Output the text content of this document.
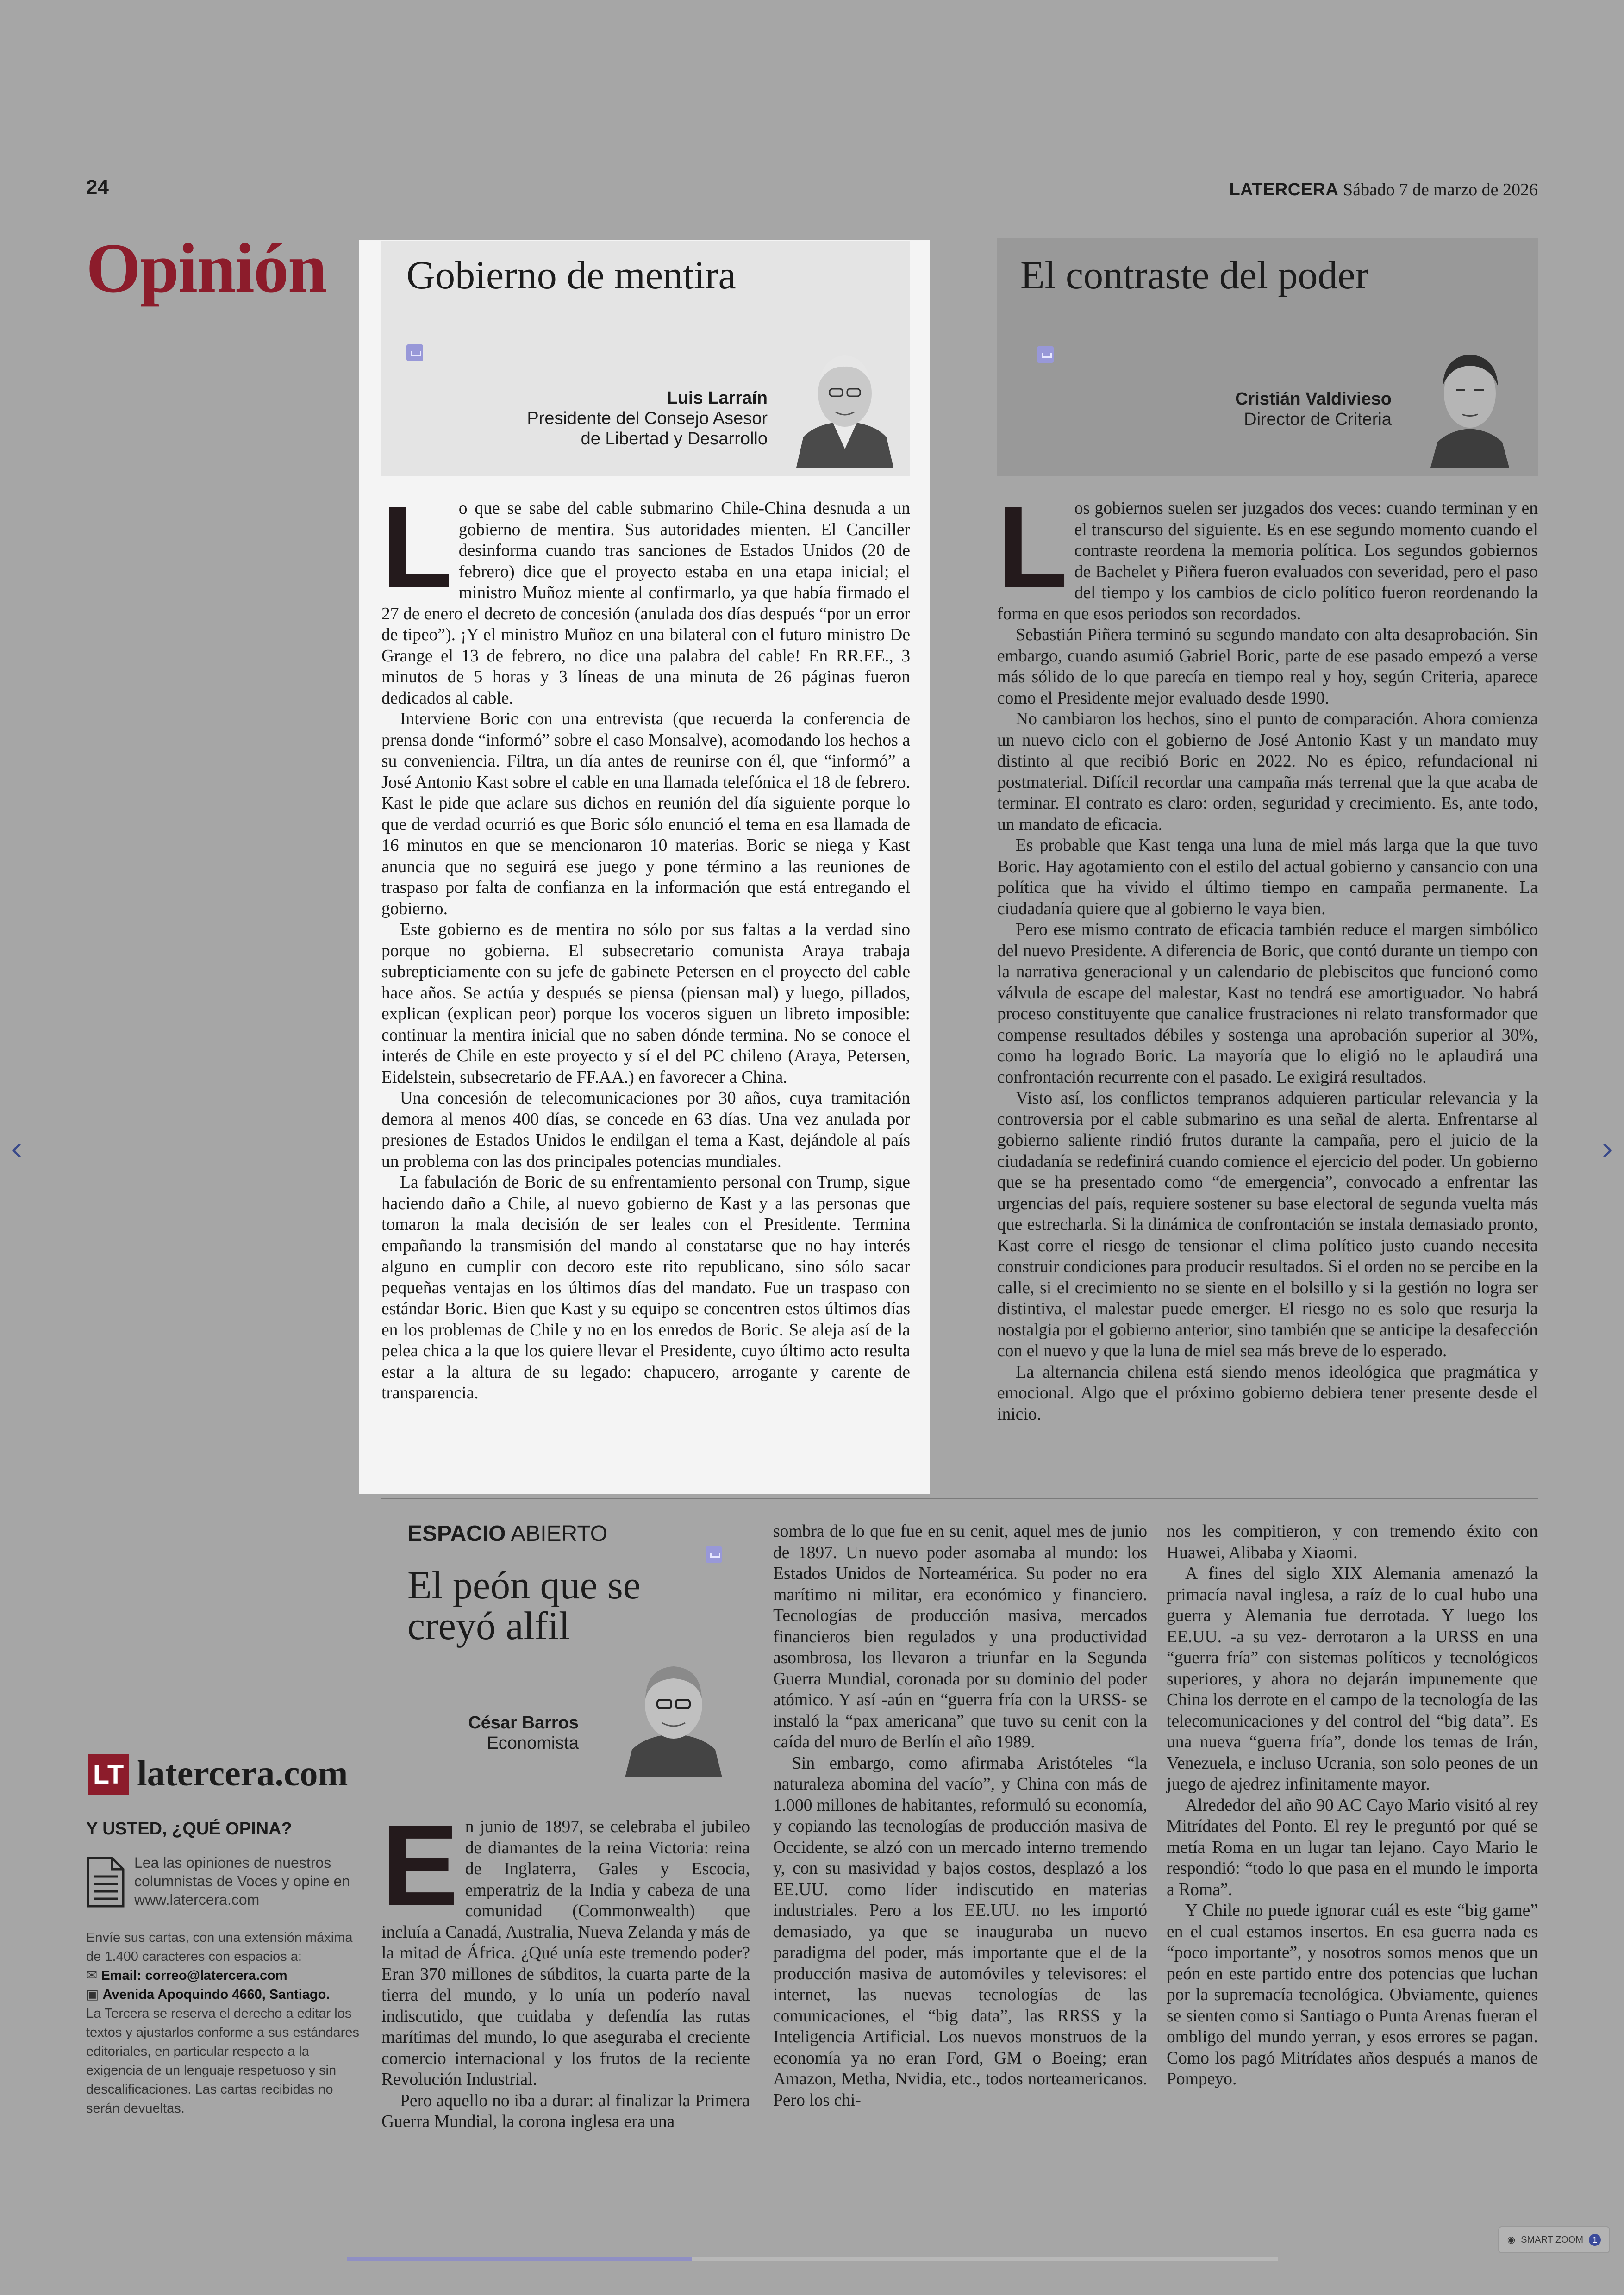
24	LATERCERA Sábado 7 de marzo de 2026
Opinión Gobierno de mentira
Luis Larraín
Presidente del Consejo Asesor
de Libertad y Desarrollo
L o que se sabe del cable submarino Chile-China desnuda a un gobierno de mentira. Sus autoridades mienten. El Canciller desinforma cuando tras sanciones de Estados Unidos (20 de febrero) dice que el proyecto estaba en una etapa inicial; el ministro Muñoz miente al confirmarlo, ya que había firmado el 27 de enero el decreto de concesión (anulada dos días después “por un error de tipeo”). ¡Y el ministro Muñoz en una bilateral con el futuro ministro De Grange el 13 de febrero, no dice una palabra del cable! En RR.EE., 3 minutos de 5 horas y 3 líneas de una minuta de 26 páginas fueron dedicados al cable.

Interviene Boric con una entrevista (que recuerda la conferencia de prensa donde “informó” sobre el caso Monsalve), acomodando los hechos a su conveniencia. Filtra, un día antes de reunirse con él, que “informó” a José Antonio Kast sobre el cable en una llamada telefónica el 18 de febrero. Kast le pide que aclare sus dichos en reunión del día siguiente porque lo que de verdad ocurrió es que Boric sólo enunció el tema en esa llamada de 16 minutos en que se mencionaron 10 materias. Boric se niega y Kast anuncia que no seguirá ese juego y pone término a las reuniones de traspaso por falta de confianza en la información que está entregando el gobierno.

Este gobierno es de mentira no sólo por sus faltas a la verdad sino porque no gobierna. El subsecretario comunista Araya trabaja subrepticiamente con su jefe de gabinete Petersen en el proyecto del cable hace años. Se actúa y después se piensa (piensan mal) y luego, pillados, explican (explican peor) porque los voceros siguen un libreto imposible: continuar la mentira inicial que no saben dónde termina. No se conoce el interés de Chile en este proyecto y sí el del PC chileno (Araya, Petersen, Eidelstein, subsecretario de FF.AA.) en favorecer a China.

Una concesión de telecomunicaciones por 30 años, cuya tramitación demora al menos 400 días, se concede en 63 días. Una vez anulada por presiones de Estados Unidos le endilgan el tema a Kast, dejándole al país un problema con las dos principales potencias mundiales.

La fabulación de Boric de su enfrentamiento personal con Trump, sigue haciendo daño a Chile, al nuevo gobierno de Kast y a las personas que tomaron la mala decisión de ser leales con el Presidente. Termina empañando la transmisión del mando al constatarse que no hay interés alguno en cumplir con decoro este rito republicano, sino sólo sacar pequeñas ventajas en los últimos días del mandato. Fue un traspaso con estándar Boric. Bien que Kast y su equipo se concentren estos últimos días en los problemas de Chile y no en los enredos de Boric. Se aleja así de la pelea chica a la que los quiere llevar el Presidente, cuyo último acto resulta estar a la altura de su legado: chapucero, arrogante y carente de transparencia.

El contraste del poder
Cristián Valdivieso
Director de Criteria
L os gobiernos suelen ser juzgados dos veces: cuando terminan y en el transcurso del siguiente. Es en ese segundo momento cuando el contraste reordena la memoria política. Los segundos gobiernos de Bachelet y Piñera fueron evaluados con severidad, pero el paso del tiempo y los cambios de ciclo político fueron reordenando la forma en que esos periodos son recordados.

Sebastián Piñera terminó su segundo mandato con alta desaprobación. Sin embargo, cuando asumió Gabriel Boric, parte de ese pasado empezó a verse más sólido de lo que parecía en tiempo real y hoy, según Criteria, aparece como el Presidente mejor evaluado desde 1990.

No cambiaron los hechos, sino el punto de comparación. Ahora comienza un nuevo ciclo con el gobierno de José Antonio Kast y un mandato muy distinto al que recibió Boric en 2022. No es épico, refundacional ni postmaterial. Difícil recordar una campaña más terrenal que la que acaba de terminar. El contrato es claro: orden, seguridad y crecimiento. Es, ante todo, un mandato de eficacia.

Es probable que Kast tenga una luna de miel más larga que la que tuvo Boric. Hay agotamiento con el estilo del actual gobierno y cansancio con una política que ha vivido el último tiempo en campaña permanente. La ciudadanía quiere que al gobierno le vaya bien.

Pero ese mismo contrato de eficacia también reduce el margen simbólico del nuevo Presidente. A diferencia de Boric, que contó durante un tiempo con la narrativa generacional y un calendario de plebiscitos que funcionó como válvula de escape del malestar, Kast no tendrá ese amortiguador. No habrá proceso constituyente que canalice frustraciones ni relato transformador que compense resultados débiles y sostenga una aprobación superior al 30%, como ha logrado Boric. La mayoría que lo eligió no le aplaudirá una confrontación recurrente con el pasado. Le exigirá resultados.

Visto así, los conflictos tempranos adquieren particular relevancia y la controversia por el cable submarino es una señal de alerta. Enfrentarse al gobierno saliente rindió frutos durante la campaña, pero el juicio de la ciudadanía se redefinirá cuando comience el ejercicio del poder. Un gobierno que se ha presentado como “de emergencia”, convocado a enfrentar las urgencias del país, requiere sostener su base electoral de segunda vuelta más que estrecharla. Si la dinámica de confrontación se instala demasiado pronto, Kast corre el riesgo de tensionar el clima político justo cuando necesita construir condiciones para producir resultados. Si el orden no se percibe en la calle, si el crecimiento no se siente en el bolsillo y si la gestión no logra ser distintiva, el malestar puede emerger. El riesgo no es solo que resurja la nostalgia por el gobierno anterior, sino también que se anticipe la desafección con el nuevo y que la luna de miel sea más breve de lo esperado.

La alternancia chilena está siendo menos ideológica que pragmática y emocional. Algo que el próximo gobierno debiera tener presente desde el inicio.

ESPACIO ABIERTO
El peón que se
creyó alfil
César Barros
Economista
E n junio de 1897, se celebraba el jubileo de diamantes de la reina Victoria: reina de Inglaterra, Gales y Escocia, emperatriz de la India y cabeza de una comunidad (Commonwealth) que incluía a Canadá, Australia, Nueva Zelanda y más de la mitad de África. ¿Qué unía este tremendo poder? Eran 370 millones de súbditos, la cuarta parte de la tierra del mundo, y lo unía un poderío naval indiscutido, que cuidaba y defendía las rutas marítimas del mundo, lo que aseguraba el creciente comercio internacional y los frutos de la reciente Revolución Industrial.

Pero aquello no iba a durar: al finalizar la Primera Guerra Mundial, la corona inglesa era una

sombra de lo que fue en su cenit, aquel mes de junio de 1897. Un nuevo poder asomaba al mundo: los Estados Unidos de Norteamérica. Su poder no era marítimo ni militar, era económico y financiero. Tecnologías de producción masiva, mercados financieros bien regulados y una productividad asombrosa, los llevaron a triunfar en la Segunda Guerra Mundial, coronada por su dominio del poder atómico. Y así -aún en “guerra fría con la URSS- se instaló la “pax americana” que tuvo su cenit con la caída del muro de Berlín el año 1989.

Sin embargo, como afirmaba Aristóteles “la naturaleza abomina del vacío”, y China con más de 1.000 millones de habitantes, reformuló su economía, y copiando las tecnologías de producción masiva de Occidente, se alzó con un mercado interno tremendo y, con su masividad y bajos costos, desplazó a los EE.UU. como líder indiscutido en materias industriales. Pero a los EE.UU. no les importó demasiado, ya que se inauguraba un nuevo paradigma del poder, más importante que el de la producción masiva de automóviles y televisores: el internet, las nuevas tecnologías de las comunicaciones, el “big data”, las RRSS y la Inteligencia Artificial. Los nuevos monstruos de la economía ya no eran Ford, GM o Boeing; eran Amazon, Metha, Nvidia, etc., todos norteamericanos. Pero los chi-

nos les compitieron, y con tremendo éxito con Huawei, Alibaba y Xiaomi.

A fines del siglo XIX Alemania amenazó la primacía naval inglesa, a raíz de lo cual hubo una guerra y Alemania fue derrotada. Y luego los EE.UU. -a su vez- derrotaron a la URSS en una “guerra fría” con sistemas políticos y tecnológicos superiores, y ahora no dejarán impunemente que China los derrote en el campo de la tecnología de las telecomunicaciones y del control del “big data”. Es una nueva “guerra fría”, donde los temas de Irán, Venezuela, e incluso Ucrania, son solo peones de un juego de ajedrez infinitamente mayor.

Alrededor del año 90 AC Cayo Mario visitó al rey Mitrídates del Ponto. El rey le preguntó por qué se metía Roma en un lugar tan lejano. Cayo Mario le respondió: “todo lo que pasa en el mundo le importa a Roma”.

Y Chile no puede ignorar cuál es este “big game” en el cual estamos insertos. En esa guerra nada es “poco importante”, y nosotros somos menos que un peón en este partido entre dos potencias que luchan por la supremacía tecnológica. Obviamente, quienes se sienten como si Santiago o Punta Arenas fueran el ombligo del mundo yerran, y esos errores se pagan. Como los pagó Mitrídates años después a manos de Pompeyo.

LT latercera.com
Y USTED, ¿QUÉ OPINA?
Lea las opiniones de nuestros columnistas de Voces y opine en www.latercera.com
Envíe sus cartas, con una extensión máxima de 1.400 caracteres con espacios a:
✉ Email: correo@latercera.com
▣ Avenida Apoquindo 4660, Santiago.
La Tercera se reserva el derecho a editar los textos y ajustarlos conforme a sus estándares editoriales, en particular respecto a la exigencia de un lenguaje respetuoso y sin descalificaciones. Las cartas recibidas no serán devueltas.
‹	›
◉ SMART ZOOM	1
